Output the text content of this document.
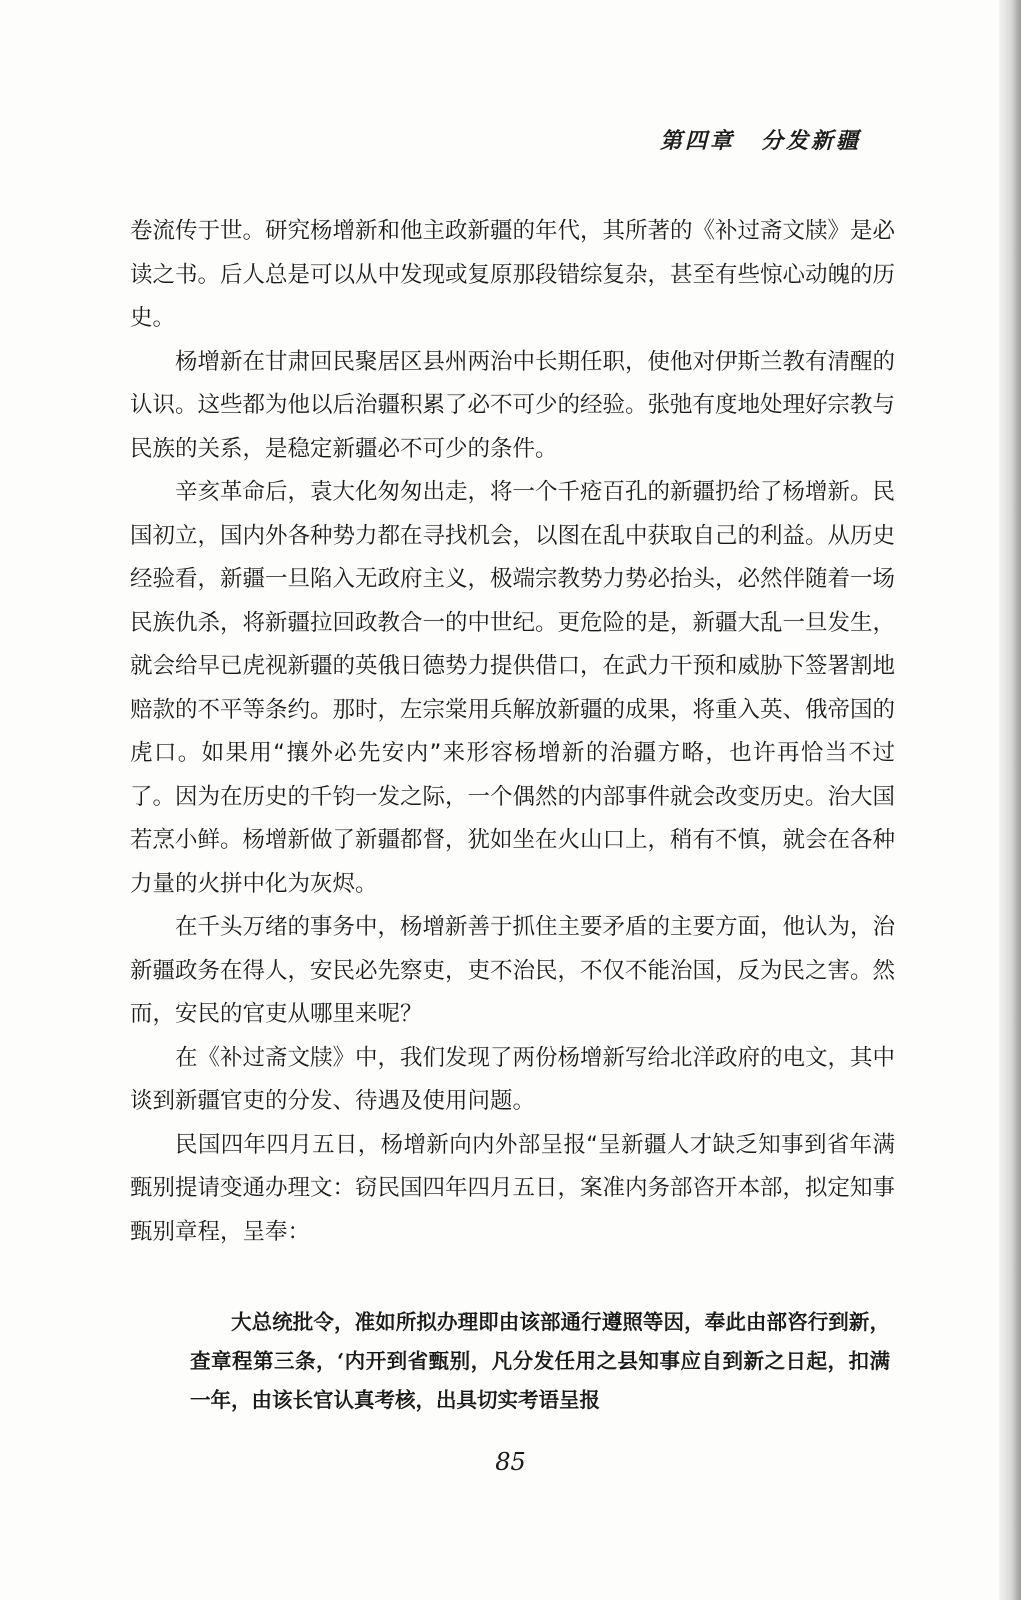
第四章 分发新疆

卷流传于世。研究杨增新和他主政新疆的年代，其所著的《补过斋文牍》是必读之书。后人总是可以从中发现或复原那段错综复杂，甚至有些惊心动魄的历史。

杨增新在甘肃回民聚居区县州两治中长期任职，使他对伊斯兰教有清醒的认识。这些都为他以后治疆积累了必不可少的经验。张弛有度地处理好宗教与民族的关系，是稳定新疆必不可少的条件。

辛亥革命后，袁大化匆匆出走，将一个千疮百孔的新疆扔给了杨增新。民国初立，国内外各种势力都在寻找机会，以图在乱中获取自己的利益。从历史经验看，新疆一旦陷入无政府主义，极端宗教势力势必抬头，必然伴随着一场民族仇杀，将新疆拉回政教合一的中世纪。更危险的是，新疆大乱一旦发生，就会给早已虎视新疆的英俄日德势力提供借口，在武力干预和威胁下签署割地赔款的不平等条约。那时，左宗棠用兵解放新疆的成果，将重入英、俄帝国的虎口。如果用“攘外必先安内”来形容杨增新的治疆方略，也许再恰当不过了。因为在历史的千钧一发之际，一个偶然的内部事件就会改变历史。治大国若烹小鲜。杨增新做了新疆都督，犹如坐在火山口上，稍有不慎，就会在各种力量的火拼中化为灰烬。

在千头万绪的事务中，杨增新善于抓住主要矛盾的主要方面，他认为，治新疆政务在得人，安民必先察吏，吏不治民，不仅不能治国，反为民之害。然而，安民的官吏从哪里来呢？

在《补过斋文牍》中，我们发现了两份杨增新写给北洋政府的电文，其中谈到新疆官吏的分发、待遇及使用问题。

民国四年四月五日，杨增新向内外部呈报“呈新疆人才缺乏知事到省年满甄别提请变通办理文：窃民国四年四月五日，案准内务部咨开本部，拟定知事甄别章程，呈奉：

大总统批令，准如所拟办理即由该部通行遵照等因，奉此由部咨行到新，查章程第三条，‘内开到省甄别，凡分发任用之县知事应自到新之日起，扣满一年，由该长官认真考核，出具切实考语呈报

85
